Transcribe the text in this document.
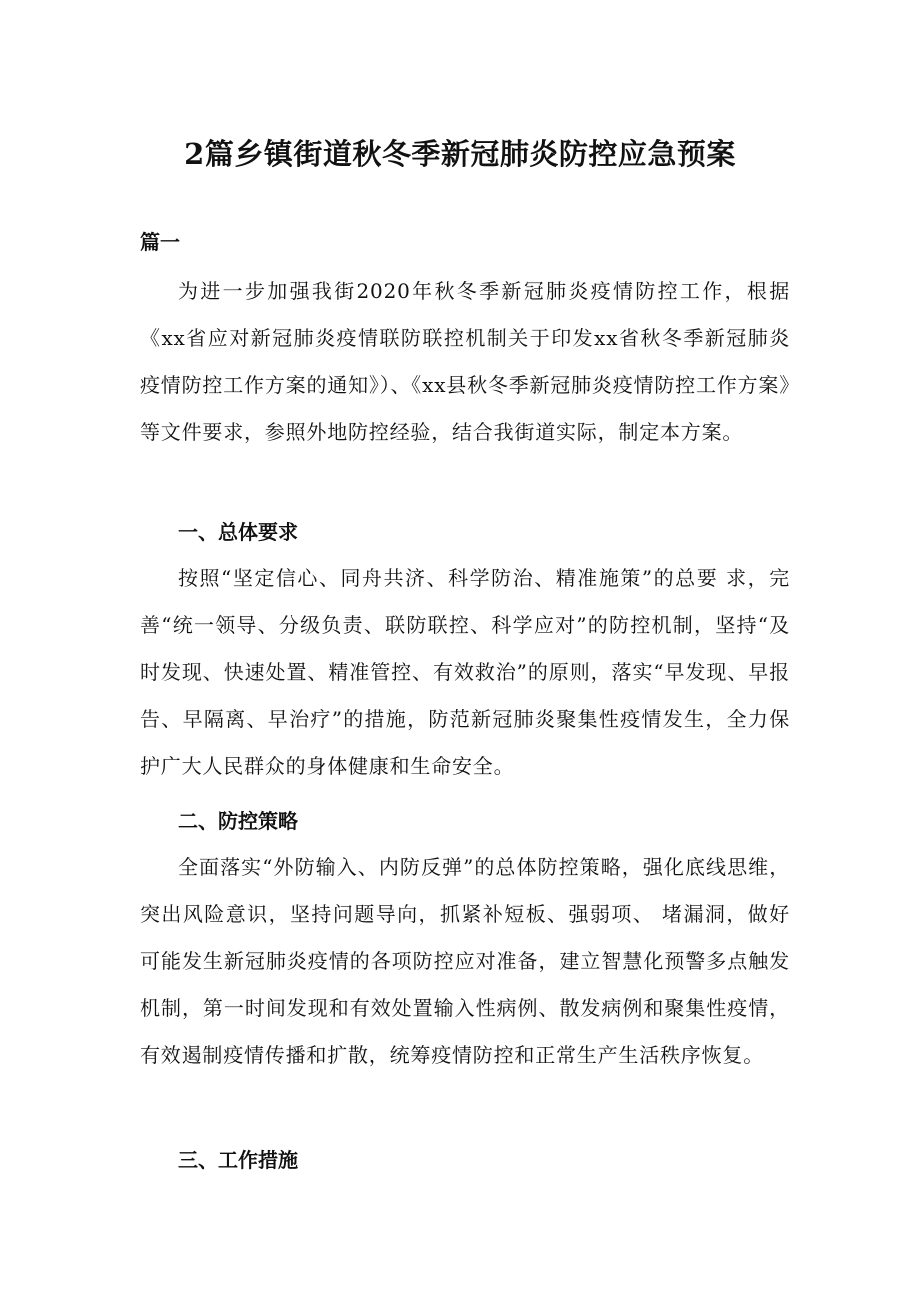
2篇乡镇街道秋冬季新冠肺炎防控应急预案
篇一

为进一步加强我街2020年秋冬季新冠肺炎疫情防控工作，根据《xx省应对新冠肺炎疫情联防联控机制关于印发xx省秋冬季新冠肺炎疫情防控工作方案的通知》）、《xx县秋冬季新冠肺炎疫情防控工作方案》等文件要求，参照外地防控经验，结合我街道实际，制定本方案。

一、总体要求

按照“坚定信心、同舟共济、科学防治、精准施策”的总要 求，完善“统一领导、分级负责、联防联控、科学应对”的防控机制，坚持“及时发现、快速处置、精准管控、有效救治”的原则，落实“早发现、早报告、早隔离、早治疗”的措施，防范新冠肺炎聚集性疫情发生，全力保护广大人民群众的身体健康和生命安全。

二、防控策略

全面落实“外防输入、内防反弹”的总体防控策略，强化底线思维，突出风险意识，坚持问题导向，抓紧补短板、强弱项、 堵漏洞，做好可能发生新冠肺炎疫情的各项防控应对准备，建立智慧化预警多点触发机制，第一时间发现和有效处置输入性病例、散发病例和聚集性疫情，有效遏制疫情传播和扩散，统筹疫情防控和正常生产生活秩序恢复。

三、工作措施
